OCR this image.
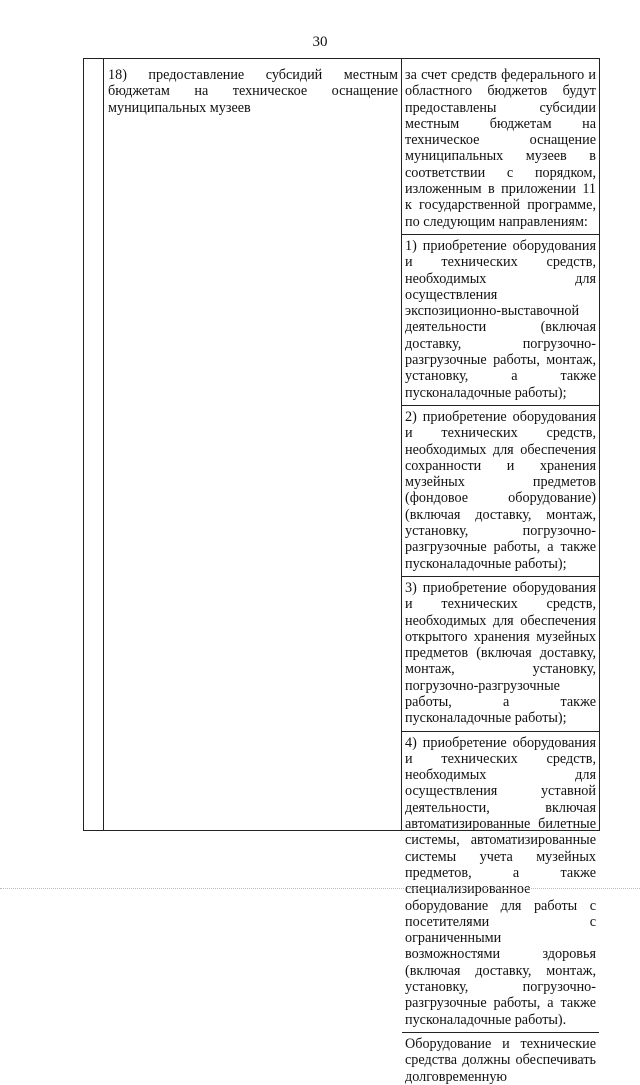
30

18) предоставление субсидий местным бюджетам на техническое оснащение муниципальных музеев

за счет средств федерального и областного бюджетов будут предоставлены субсидии местным бюджетам на техническое оснащение муниципальных музеев в соответствии с порядком, изложенным в приложении 11 к государственной программе, по следующим направлениям:

1) приобретение оборудования и технических средств, необходимых для осуществления экспозиционно-выставочной деятельности (включая доставку, погрузочно-разгрузочные работы, монтаж, установку, а также пусконаладочные работы);

2) приобретение оборудования и технических средств, необходимых для обеспечения сохранности и хранения музейных предметов (фондовое оборудование) (включая доставку, монтаж, установку, погрузочно-разгрузочные работы, а также пусконаладочные работы);

3) приобретение оборудования и технических средств, необходимых для обеспечения открытого хранения музейных предметов (включая доставку, монтаж, установку, погрузочно-разгрузочные работы, а также пусконаладочные работы);

4) приобретение оборудования и технических средств, необходимых для осуществления уставной деятельности, включая автоматизированные билетные системы, автоматизированные системы учета музейных предметов, а также специализированное оборудование для работы с посетителями с ограниченными возможностями здоровья (включая доставку, монтаж, установку, погрузочно-разгрузочные работы, а также пусконаладочные работы).

Оборудование и технические средства должны обеспечивать долговременную
